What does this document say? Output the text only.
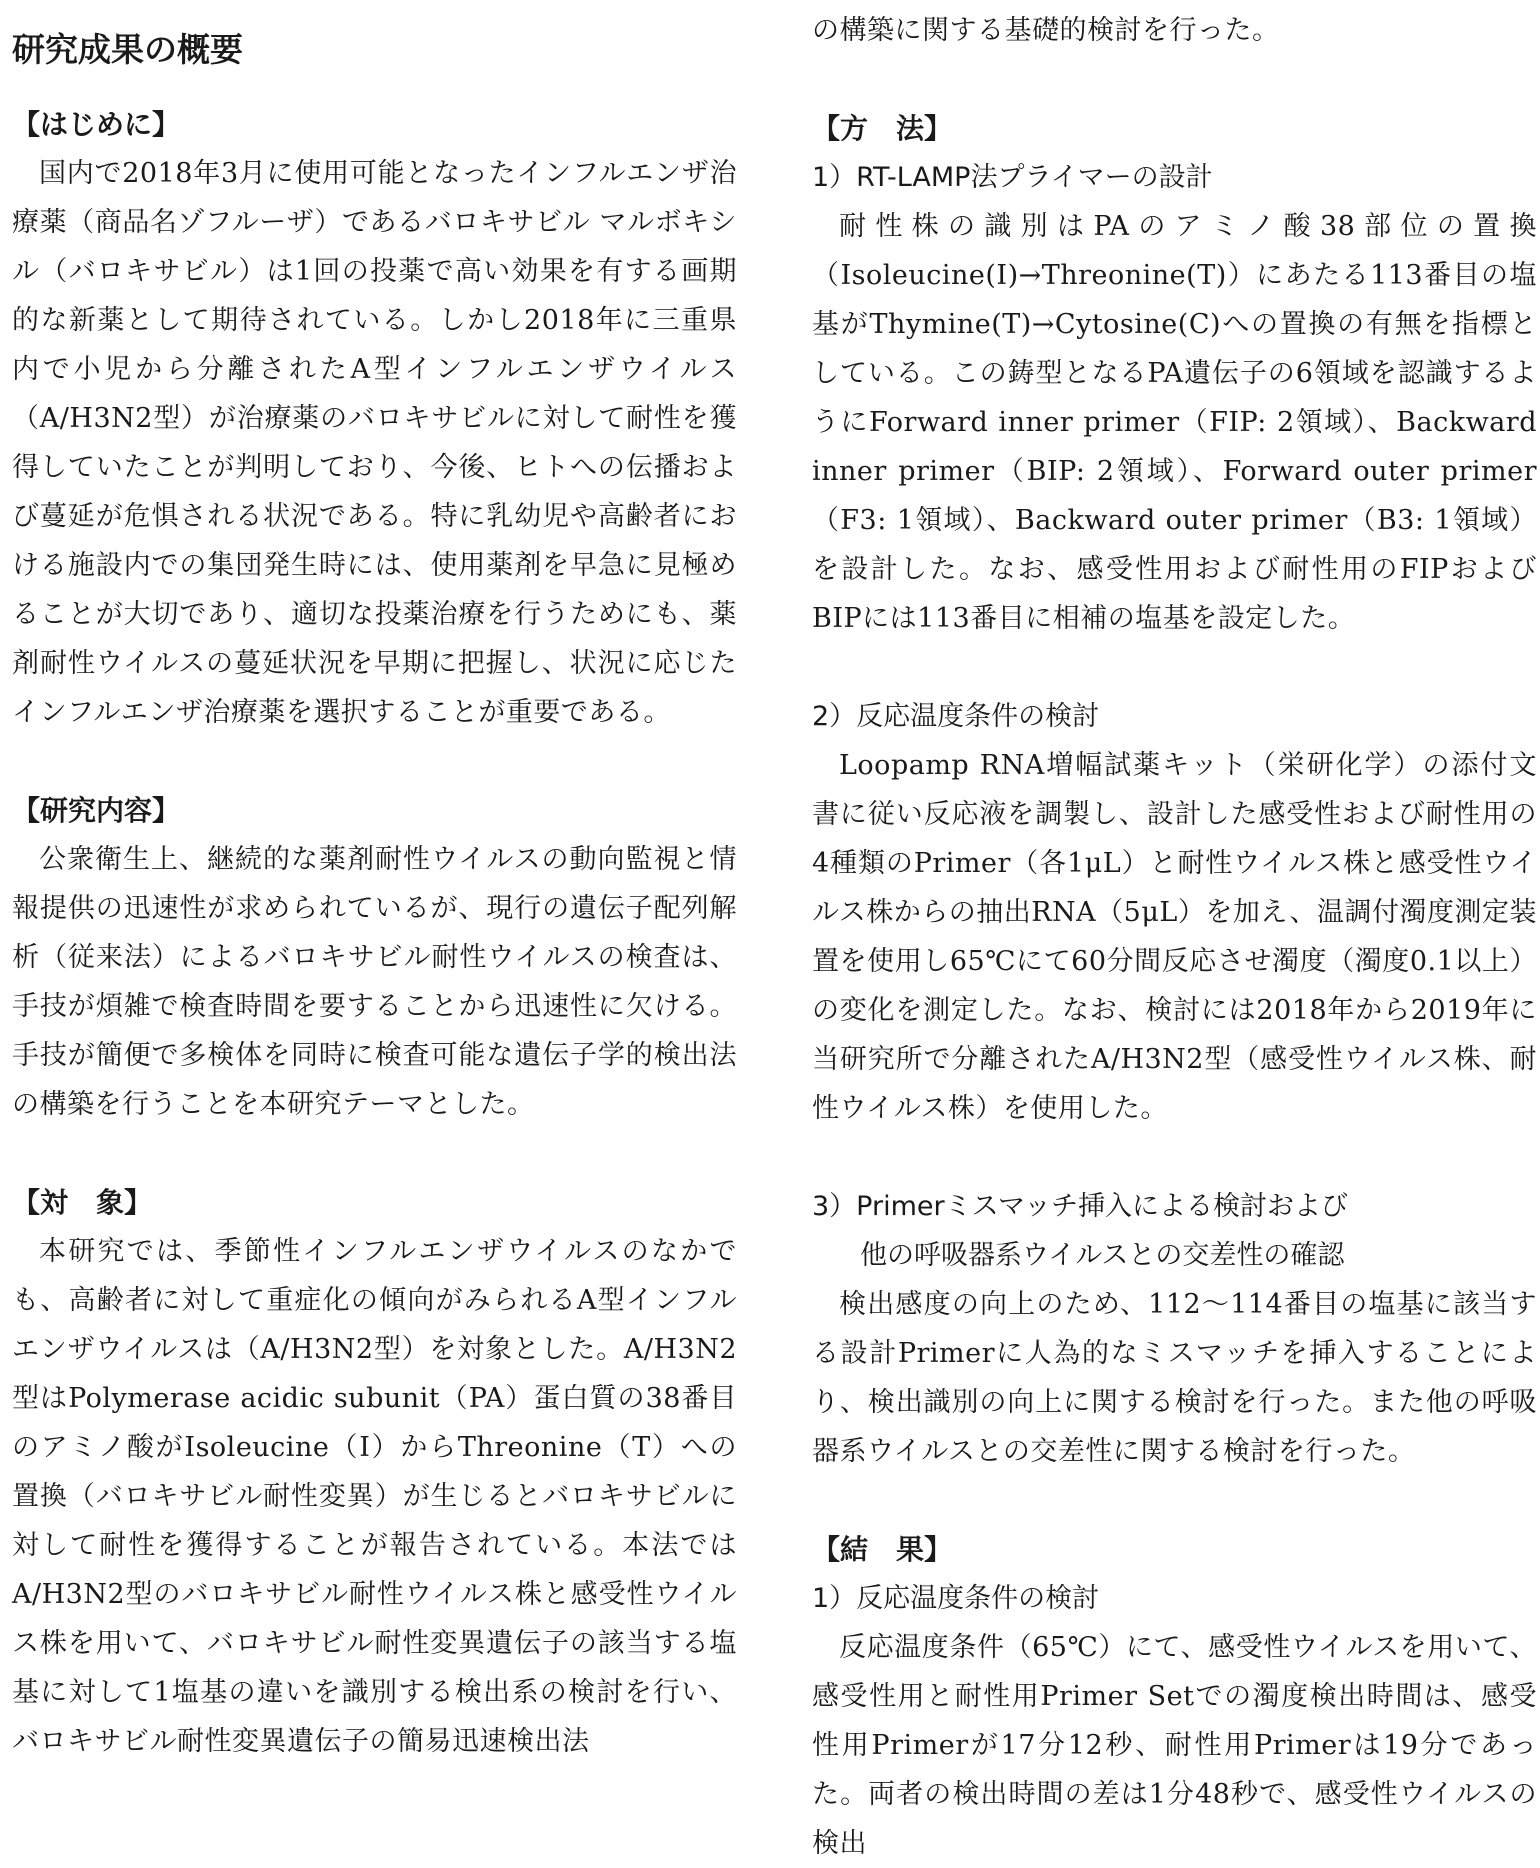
研究成果の概要
【はじめに】

国内で2018年3月に使用可能となったインフルエンザ治療薬（商品名ゾフルーザ）であるバロキサビル マルボキシル（バロキサビル）は1回の投薬で高い効果を有する画期的な新薬として期待されている。しかし2018年に三重県内で小児から分離されたA型インフルエンザウイルス（A/H3N2型）が治療薬のバロキサビルに対して耐性を獲得していたことが判明しており、今後、ヒトへの伝播および蔓延が危惧される状況である。特に乳幼児や高齢者における施設内での集団発生時には、使用薬剤を早急に見極めることが大切であり、適切な投薬治療を行うためにも、薬剤耐性ウイルスの蔓延状況を早期に把握し、状況に応じたインフルエンザ治療薬を選択することが重要である。

【研究内容】

公衆衛生上、継続的な薬剤耐性ウイルスの動向監視と情報提供の迅速性が求められているが、現行の遺伝子配列解析（従来法）によるバロキサビル耐性ウイルスの検査は、手技が煩雑で検査時間を要することから迅速性に欠ける。手技が簡便で多検体を同時に検査可能な遺伝子学的検出法の構築を行うことを本研究テーマとした。

【対　象】

本研究では、季節性インフルエンザウイルスのなかでも、高齢者に対して重症化の傾向がみられるA型インフルエンザウイルスは（A/H3N2型）を対象とした。A/H3N2型はPolymerase acidic subunit（PA）蛋白質の38番目のアミノ酸がIsoleucine（I）からThreonine（T）への置換（バロキサビル耐性変異）が生じるとバロキサビルに対して耐性を獲得することが報告されている。本法ではA/H3N2型のバロキサビル耐性ウイルス株と感受性ウイルス株を用いて、バロキサビル耐性変異遺伝子の該当する塩基に対して1塩基の違いを識別する検出系の検討を行い、バロキサビル耐性変異遺伝子の簡易迅速検出法

の構築に関する基礎的検討を行った。

【方　法】
1）RT-LAMP法プライマーの設計

耐性株の識別はPAのアミノ酸38部位の置換（Isoleucine(I)→Threonine(T)）にあたる113番目の塩基がThymine(T)→Cytosine(C)への置換の有無を指標としている。この鋳型となるPA遺伝子の6領域を認識するようにForward inner primer（FIP: 2領域）、Backward inner primer（BIP: 2領域）、Forward outer primer（F3: 1領域）、Backward outer primer（B3: 1領域）を設計した。なお、感受性用および耐性用のFIPおよびBIPには113番目に相補の塩基を設定した。

2）反応温度条件の検討

Loopamp RNA増幅試薬キット（栄研化学）の添付文書に従い反応液を調製し、設計した感受性および耐性用の4種類のPrimer（各1μL）と耐性ウイルス株と感受性ウイルス株からの抽出RNA（5μL）を加え、温調付濁度測定装置を使用し65℃にて60分間反応させ濁度（濁度0.1以上）の変化を測定した。なお、検討には2018年から2019年に当研究所で分離されたA/H3N2型（感受性ウイルス株、耐性ウイルス株）を使用した。

3）Primerミスマッチ挿入による検討および
他の呼吸器系ウイルスとの交差性の確認

検出感度の向上のため、112～114番目の塩基に該当する設計Primerに人為的なミスマッチを挿入することにより、検出識別の向上に関する検討を行った。また他の呼吸器系ウイルスとの交差性に関する検討を行った。

【結　果】
1）反応温度条件の検討

反応温度条件（65℃）にて、感受性ウイルスを用いて、感受性用と耐性用Primer Setでの濁度検出時間は、感受性用Primerが17分12秒、耐性用Primerは19分であった。両者の検出時間の差は1分48秒で、感受性ウイルスの検出
